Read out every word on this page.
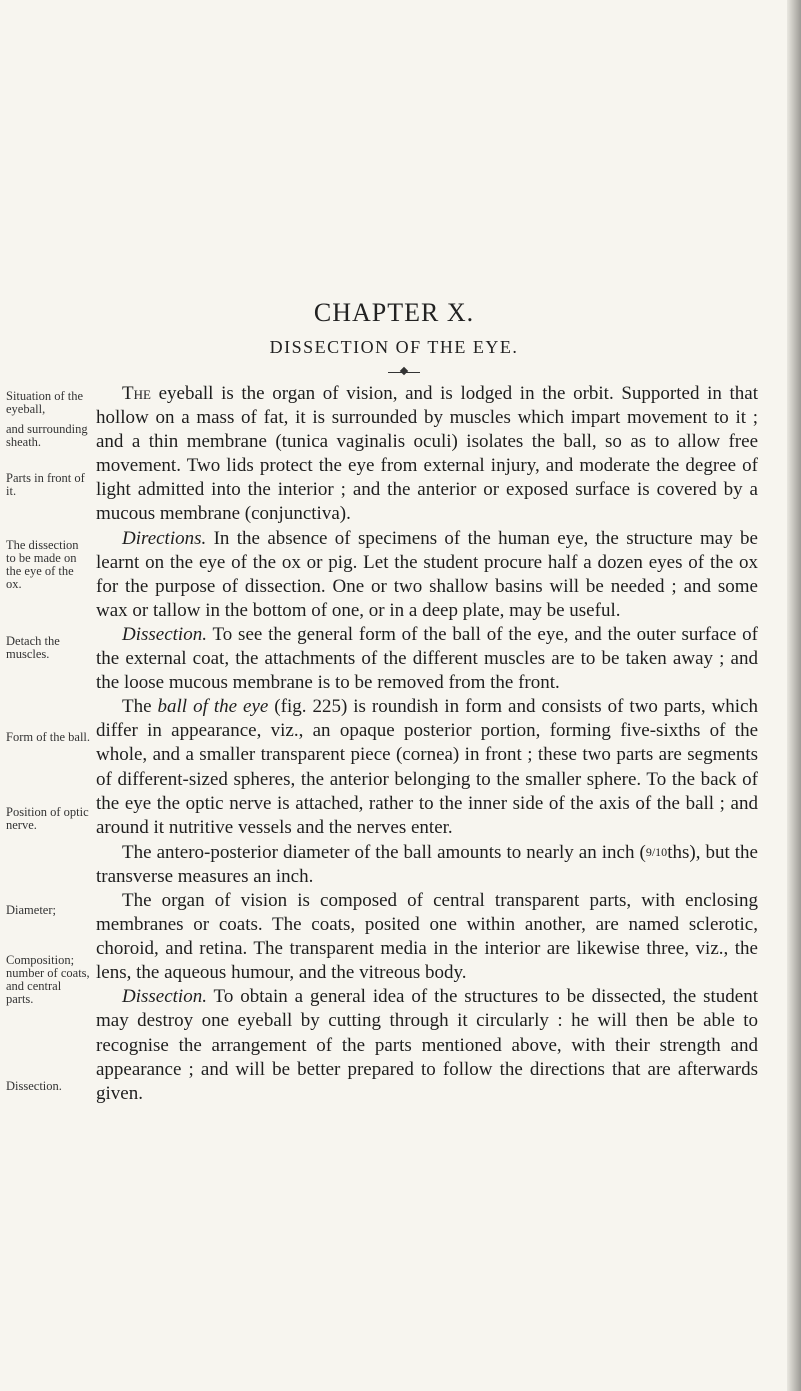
CHAPTER X.
DISSECTION OF THE EYE.
Situation of the eyeball,
and surrounding sheath.
Parts in front of it.
The dissection to be made on the eye of the ox.
Detach the muscles.
Form of the ball.
Position of optic nerve.
Diameter;
Composition; number of coats, and central parts.
Dissection.

The eyeball is the organ of vision, and is lodged in the orbit. Supported in that hollow on a mass of fat, it is surrounded by muscles which impart movement to it ; and a thin membrane (tunica vaginalis oculi) isolates the ball, so as to allow free movement. Two lids protect the eye from external injury, and moderate the degree of light admitted into the interior ; and the anterior or exposed surface is covered by a mucous membrane (conjunctiva).

Directions. In the absence of specimens of the human eye, the structure may be learnt on the eye of the ox or pig. Let the student procure half a dozen eyes of the ox for the purpose of dissection. One or two shallow basins will be needed ; and some wax or tallow in the bottom of one, or in a deep plate, may be useful.

Dissection. To see the general form of the ball of the eye, and the outer surface of the external coat, the attachments of the different muscles are to be taken away ; and the loose mucous membrane is to be removed from the front.

The ball of the eye (fig. 225) is roundish in form and consists of two parts, which differ in appearance, viz., an opaque posterior portion, forming five-sixths of the whole, and a smaller transparent piece (cornea) in front ; these two parts are segments of different-sized spheres, the anterior belonging to the smaller sphere. To the back of the eye the optic nerve is attached, rather to the inner side of the axis of the ball ; and around it nutritive vessels and the nerves enter.

The antero-posterior diameter of the ball amounts to nearly an inch (9/10ths), but the transverse measures an inch.

The organ of vision is composed of central transparent parts, with enclosing membranes or coats. The coats, posited one within another, are named sclerotic, choroid, and retina. The transparent media in the interior are likewise three, viz., the lens, the aqueous humour, and the vitreous body.

Dissection. To obtain a general idea of the structures to be dissected, the student may destroy one eyeball by cutting through it circularly : he will then be able to recognise the arrangement of the parts mentioned above, with their strength and appearance ; and will be better prepared to follow the directions that are afterwards given.
